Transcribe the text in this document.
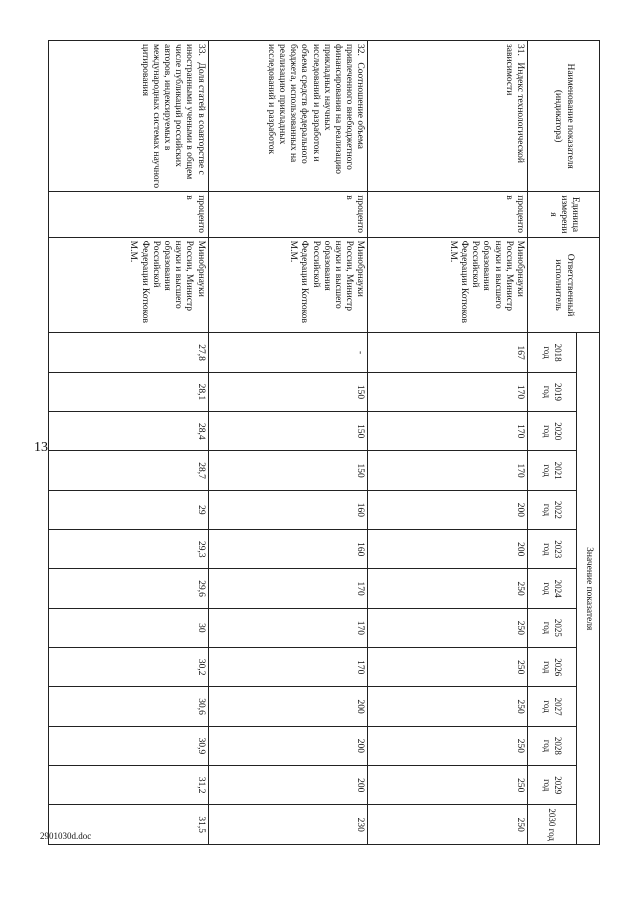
13
2901030d.doc
Наименование показателя (индикатора)	Единица измерения	Ответственный исполнитель	Значение показателя												
			2018 год	2019 год	2020 год	2021 год	2022 год	2023 год	2024 год	2025 год	2026 год	2027 год	2028 год	2029 год	2030 год
31. Индекс технологической зависимости	процентов	Минобрнауки России, Министр науки и высшего образования Российской Федерации Котюков М.М.	167	170	170	170	200	200	250	250	250	250	250	250	250
32. Соотношение объема привлеченного внебюджетного финансирования на реализацию прикладных научных исследований и разработок и объема средств федерального бюджета, использованных на реализацию прикладных исследований и разработок	процентов	Минобрнауки России, Министр науки и высшего образования Российской Федерации Котюков М.М.	-	150	150	150	160	160	170	170	170	200	200	200	230
33. Доля статей в соавторстве с иностранными учеными в общем числе публикаций российских авторов, индексируемых в международных системах научного цитирования	процентов	Минобрнауки России, Министр науки и высшего образования Российской Федерации Котюков М.М.	27,8	28,1	28,4	28,7	29	29,3	29,6	30	30,2	30,6	30,9	31,2	31,5
